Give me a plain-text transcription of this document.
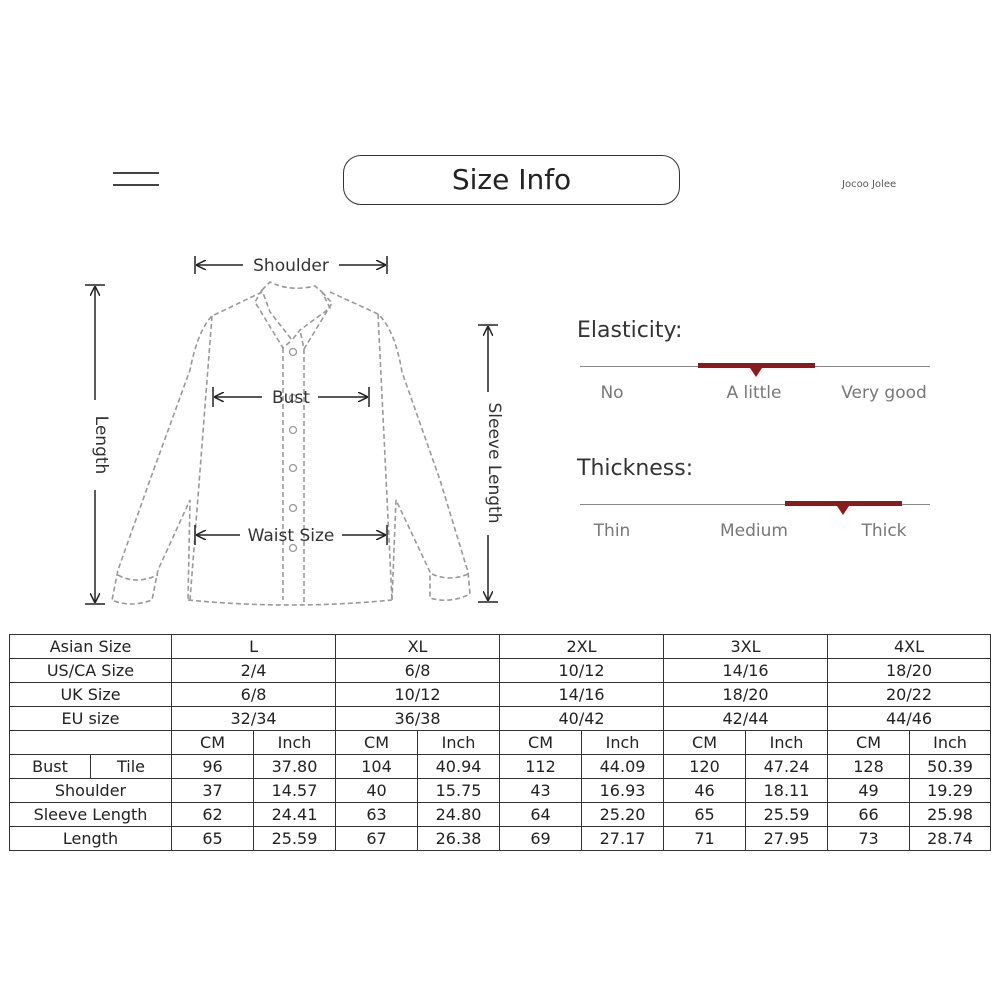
Size Info	Jocoo Jolee
Shoulder
Bust
Waist Size
Length	Sleeve Length
Elasticity:
No	A little	Very good
Thickness:
Thin	Medium	Thick
Asian Size		L		XL		2XL		3XL		4XL	
US/CA Size		2/4		6/8		10/12		14/16		18/20	
UK Size		6/8		10/12		14/16		18/20		20/22	
EU size		32/34		36/38		40/42		42/44		44/46	
		CM	Inch	CM	Inch	CM	Inch	CM	Inch	CM	Inch
Bust	Tile	96	37.80	104	40.94	112	44.09	120	47.24	128	50.39
Shoulder		37	14.57	40	15.75	43	16.93	46	18.11	49	19.29
Sleeve Length		62	24.41	63	24.80	64	25.20	65	25.59	66	25.98
Length		65	25.59	67	26.38	69	27.17	71	27.95	73	28.74
